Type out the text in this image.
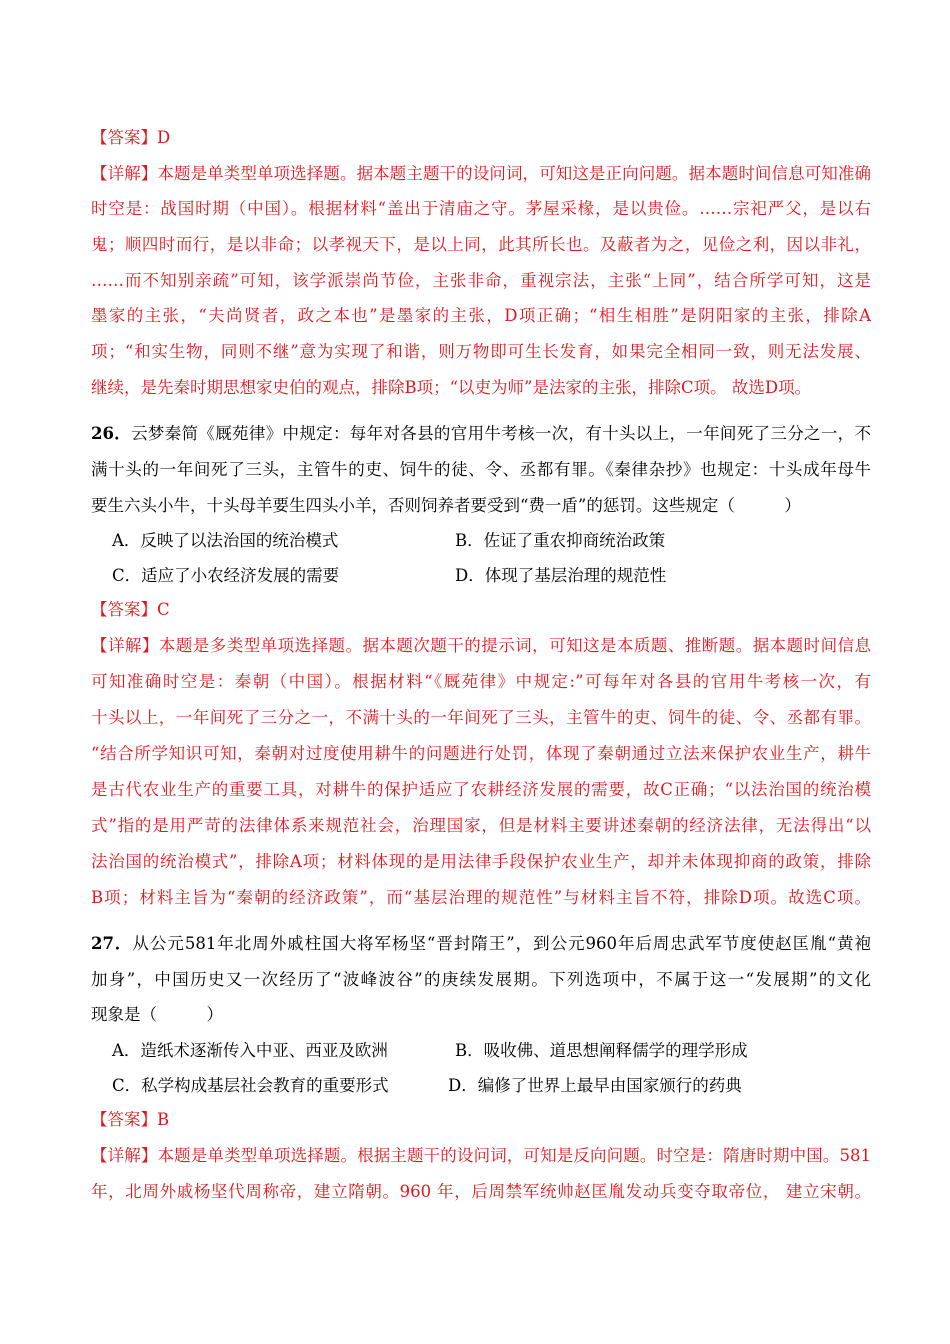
【答案】D
【详解】本题是单类型单项选择题。据本题主题干的设问词，可知这是正向问题。据本题时间信息可知准确
时空是：战国时期（中国）。根据材料“盖出于清庙之守。茅屋采椽，是以贵俭。……宗祀严父，是以右
鬼；顺四时而行，是以非命；以孝视天下，是以上同，此其所长也。及蔽者为之，见俭之利，因以非礼，
……而不知别亲疏”可知，该学派崇尚节俭，主张非命，重视宗法，主张“上同”，结合所学可知，这是
墨家的主张，“夫尚贤者，政之本也”是墨家的主张，D项正确；“相生相胜”是阴阳家的主张，排除A
项；“和实生物，同则不继”意为实现了和谐，则万物即可生长发育，如果完全相同一致，则无法发展、
继续，是先秦时期思想家史伯的观点，排除B项；“以吏为师”是法家的主张，排除C项。 故选D项。
26．云梦秦简《厩苑律》中规定：每年对各县的官用牛考核一次，有十头以上，一年间死了三分之一，不
满十头的一年间死了三头，主管牛的吏、饲牛的徒、令、丞都有罪。《秦律杂抄》也规定：十头成年母牛
要生六头小牛，十头母羊要生四头小羊，否则饲养者要受到“费一盾”的惩罚。这些规定（　　　）
A．反映了以法治国的统治模式	B．佐证了重农抑商统治政策
C．适应了小农经济发展的需要	D．体现了基层治理的规范性
【答案】C
【详解】本题是多类型单项选择题。据本题次题干的提示词，可知这是本质题、推断题。据本题时间信息
可知准确时空是：秦朝（中国）。根据材料“《厩苑律》中规定:”可每年对各县的官用牛考核一次，有
十头以上，一年间死了三分之一，不满十头的一年间死了三头，主管牛的吏、饲牛的徒、令、丞都有罪。
“结合所学知识可知，秦朝对过度使用耕牛的问题进行处罚，体现了秦朝通过立法来保护农业生产，耕牛
是古代农业生产的重要工具，对耕牛的保护适应了农耕经济发展的需要，故C正确；“以法治国的统治模
式”指的是用严苛的法律体系来规范社会，治理国家，但是材料主要讲述秦朝的经济法律，无法得出“以
法治国的统治模式”，排除A项；材料体现的是用法律手段保护农业生产，却并未体现抑商的政策，排除
B项；材料主旨为“秦朝的经济政策”，而“基层治理的规范性”与材料主旨不符，排除D项。故选C项。
27．从公元581年北周外戚柱国大将军杨坚“晋封隋王”，到公元960年后周忠武军节度使赵匡胤“黄袍
加身”，中国历史又一次经历了“波峰波谷”的庚续发展期。下列选项中，不属于这一“发展期”的文化
现象是（　　　）
A．造纸术逐渐传入中亚、西亚及欧洲	B．吸收佛、道思想阐释儒学的理学形成
C．私学构成基层社会教育的重要形式	D．编修了世界上最早由国家颁行的药典
【答案】B
【详解】本题是单类型单项选择题。根据主题干的设问词，可知是反向问题。时空是：隋唐时期中国。581
年，北周外戚杨坚代周称帝，建立隋朝。960 年，后周禁军统帅赵匡胤发动兵变夺取帝位， 建立宋朝。
